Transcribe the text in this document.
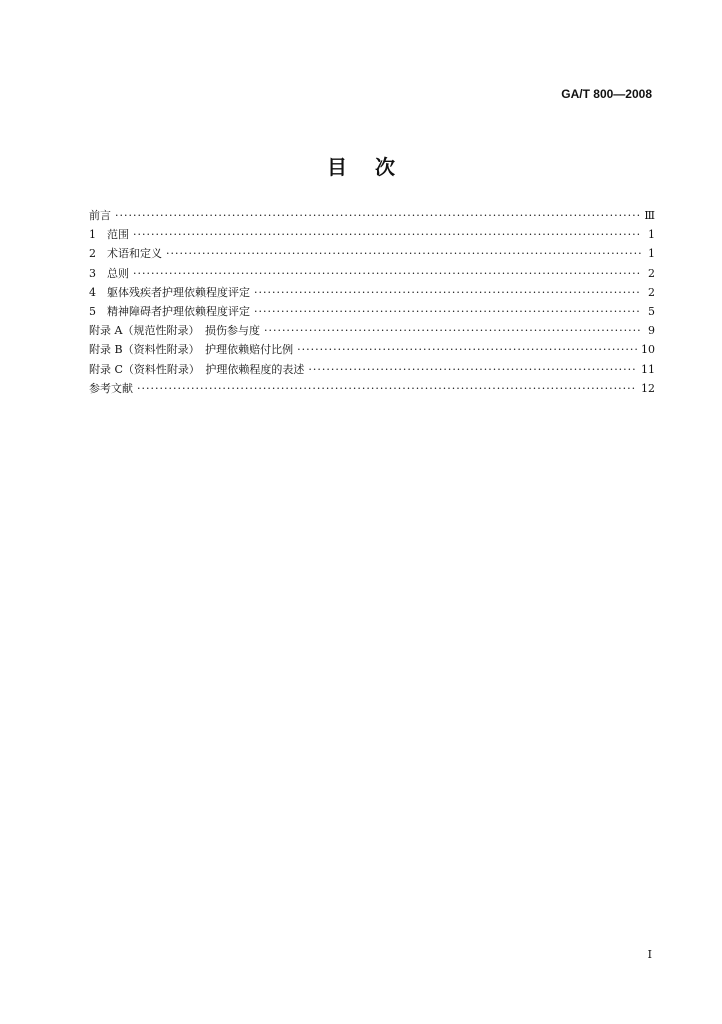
GA/T 800—2008
目次
前言 ·····	Ⅲ
1　范围 ·····	1
2　术语和定义 ·····	1
3　总则 ·····	2
4　躯体残疾者护理依赖程度评定 ·····	2
5　精神障碍者护理依赖程度评定 ·····	5
附录 A（规范性附录）　损伤参与度 ·····	9
附录 B（资料性附录）　护理依赖赔付比例 ·····	10
附录 C（资料性附录）　护理依赖程度的表述 ·····	11
参考文献 ·····	12
Ⅰ
